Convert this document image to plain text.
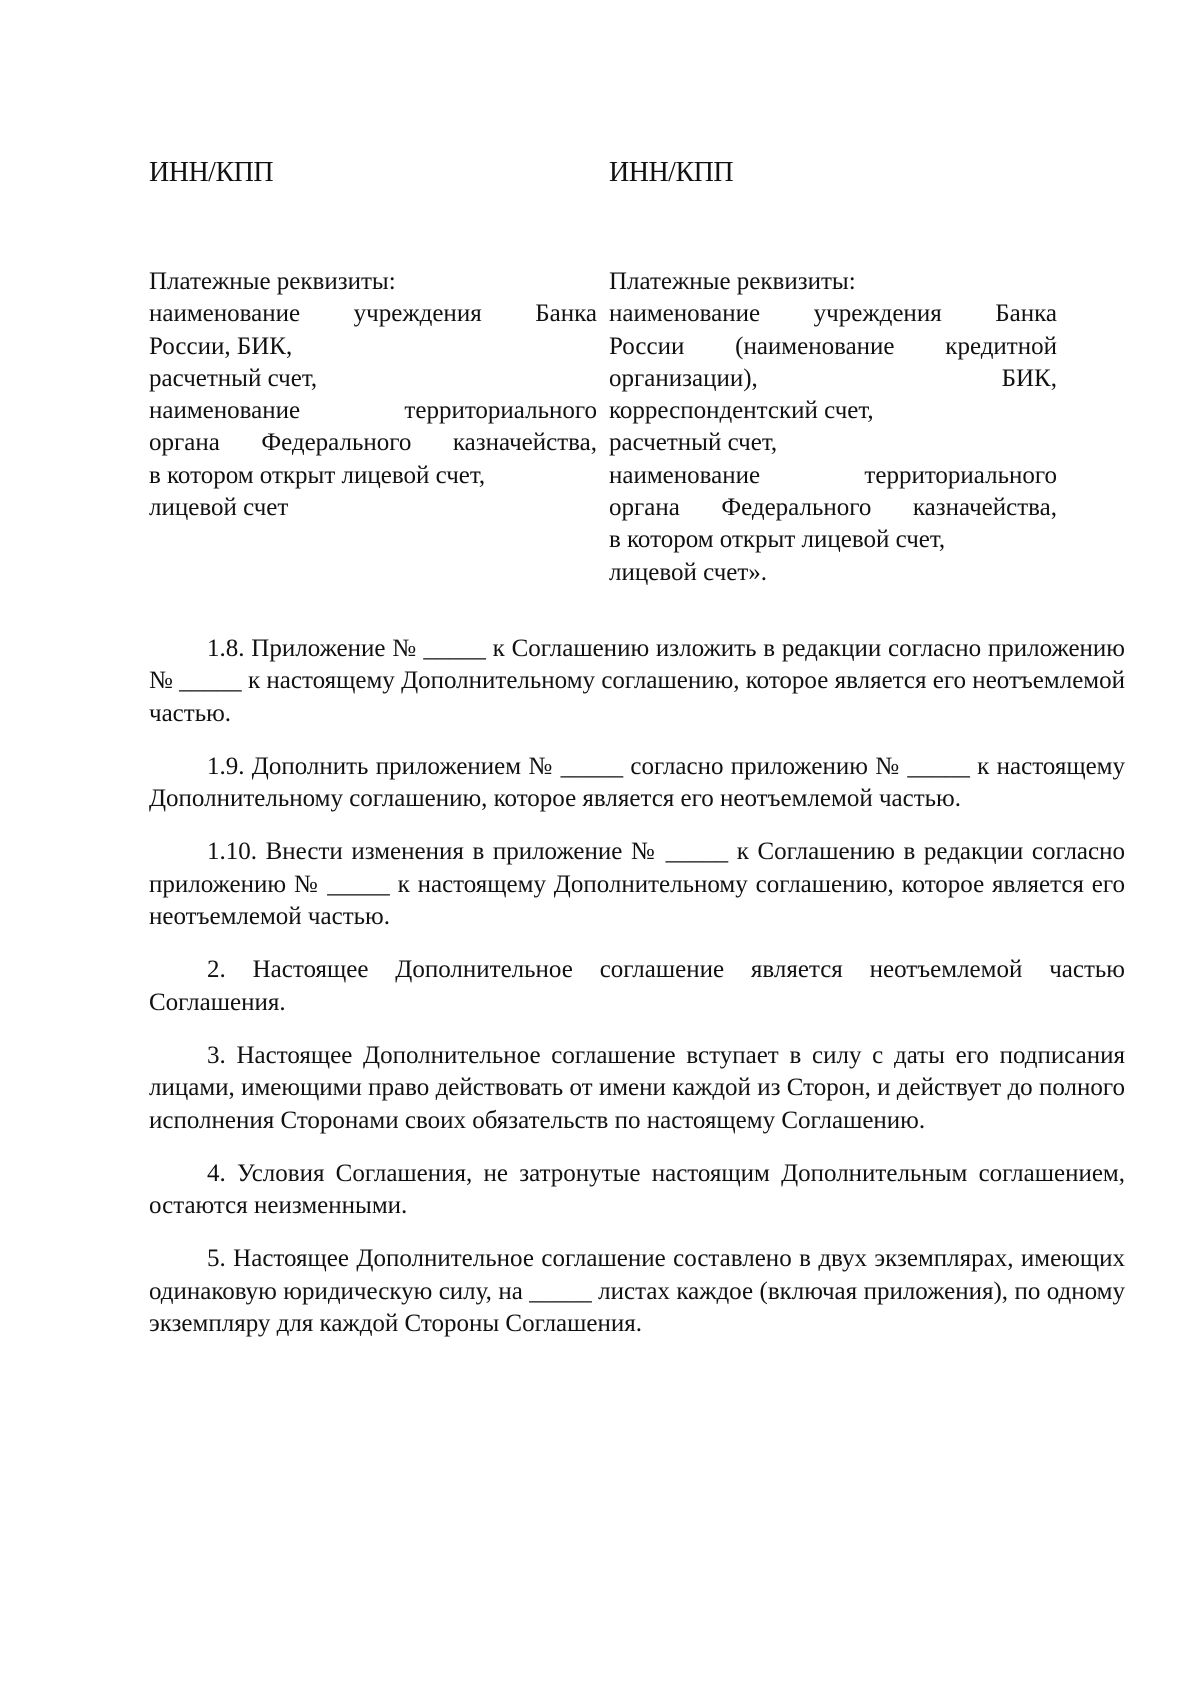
ИНН/КПП	ИНН/КПП
Платежные реквизиты:
наименование учреждения Банка
России, БИК,
расчетный счет,
наименование территориального
органа Федерального казначейства,
в котором открыт лицевой счет,
лицевой счет
Платежные реквизиты:
наименование учреждения Банка
России (наименование кредитной
организации), БИК,
корреспондентский счет,
расчетный счет,
наименование территориального
органа Федерального казначейства,
в котором открыт лицевой счет,
лицевой счет».

1.8. Приложение № _____ к Соглашению изложить в редакции согласно приложению № _____ к настоящему Дополнительному соглашению, которое является его неотъемлемой частью.

1.9. Дополнить приложением № _____ согласно приложению № _____ к настоящему Дополнительному соглашению, которое является его неотъемлемой частью.

1.10. Внести изменения в приложение № _____ к Соглашению в редакции согласно приложению № _____ к настоящему Дополнительному соглашению, которое является его неотъемлемой частью.

2. Настоящее Дополнительное соглашение является неотъемлемой частью Соглашения.

3. Настоящее Дополнительное соглашение вступает в силу с даты его подписания лицами, имеющими право действовать от имени каждой из Сторон, и действует до полного исполнения Сторонами своих обязательств по настоящему Соглашению.

4. Условия Соглашения, не затронутые настоящим Дополнительным соглашением, остаются неизменными.

5. Настоящее Дополнительное соглашение составлено в двух экземплярах, имеющих одинаковую юридическую силу, на _____ листах каждое (включая приложения), по одному экземпляру для каждой Стороны Соглашения.
